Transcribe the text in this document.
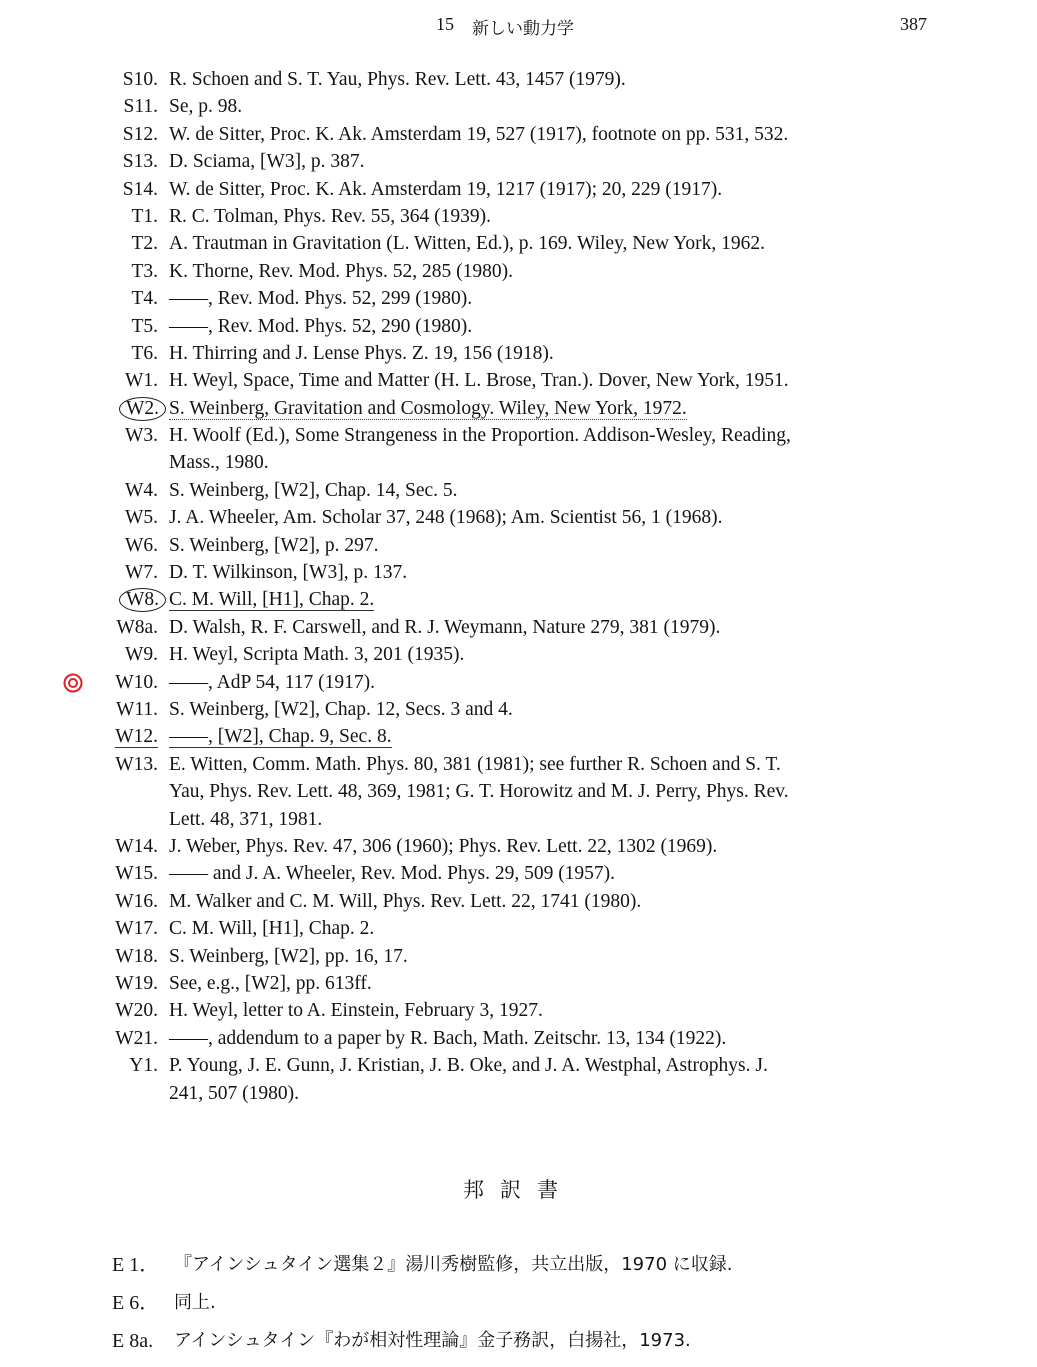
15 新しい動力学	387
S10. R. Schoen and S. T. Yau, Phys. Rev. Lett. 43, 1457 (1979).
S11. Se, p. 98.
S12. W. de Sitter, Proc. K. Ak. Amsterdam 19, 527 (1917), footnote on pp. 531, 532.
S13. D. Sciama, [W3], p. 387.
S14. W. de Sitter, Proc. K. Ak. Amsterdam 19, 1217 (1917); 20, 229 (1917).
T1. R. C. Tolman, Phys. Rev. 55, 364 (1939).
T2. A. Trautman in Gravitation (L. Witten, Ed.), p. 169. Wiley, New York, 1962.
T3. K. Thorne, Rev. Mod. Phys. 52, 285 (1980).
T4. ——, Rev. Mod. Phys. 52, 299 (1980).
T5. ——, Rev. Mod. Phys. 52, 290 (1980).
T6. H. Thirring and J. Lense Phys. Z. 19, 156 (1918).
W1. H. Weyl, Space, Time and Matter (H. L. Brose, Tran.). Dover, New York, 1951.
W2. S. Weinberg, Gravitation and Cosmology. Wiley, New York, 1972.
W3. H. Woolf (Ed.), Some Strangeness in the Proportion. Addison-Wesley, Reading,
Mass., 1980.
W4. S. Weinberg, [W2], Chap. 14, Sec. 5.
W5. J. A. Wheeler, Am. Scholar 37, 248 (1968); Am. Scientist 56, 1 (1968).
W6. S. Weinberg, [W2], p. 297.
W7. D. T. Wilkinson, [W3], p. 137.
W8. C. M. Will, [H1], Chap. 2.
W8a. D. Walsh, R. F. Carswell, and R. J. Weymann, Nature 279, 381 (1979).
W9. H. Weyl, Scripta Math. 3, 201 (1935).
W10. ——, AdP 54, 117 (1917).
W11. S. Weinberg, [W2], Chap. 12, Secs. 3 and 4.
W12. ——, [W2], Chap. 9, Sec. 8.
W13. E. Witten, Comm. Math. Phys. 80, 381 (1981); see further R. Schoen and S. T.
Yau, Phys. Rev. Lett. 48, 369, 1981; G. T. Horowitz and M. J. Perry, Phys. Rev.
Lett. 48, 371, 1981.
W14. J. Weber, Phys. Rev. 47, 306 (1960); Phys. Rev. Lett. 22, 1302 (1969).
W15. —— and J. A. Wheeler, Rev. Mod. Phys. 29, 509 (1957).
W16. M. Walker and C. M. Will, Phys. Rev. Lett. 22, 1741 (1980).
W17. C. M. Will, [H1], Chap. 2.
W18. S. Weinberg, [W2], pp. 16, 17.
W19. See, e.g., [W2], pp. 613ff.
W20. H. Weyl, letter to A. Einstein, February 3, 1927.
W21. ——, addendum to a paper by R. Bach, Math. Zeitschr. 13, 134 (1922).
Y1. P. Young, J. E. Gunn, J. Kristian, J. B. Oke, and J. A. Westphal, Astrophys. J.
241, 507 (1980).
邦訳書
E 1． 『アインシュタイン選集２』湯川秀樹監修，共立出版，1970 に収録.
E 6． 同上.
E 8a. アインシュタイン『わが相対性理論』金子務訳，白揚社，1973.
